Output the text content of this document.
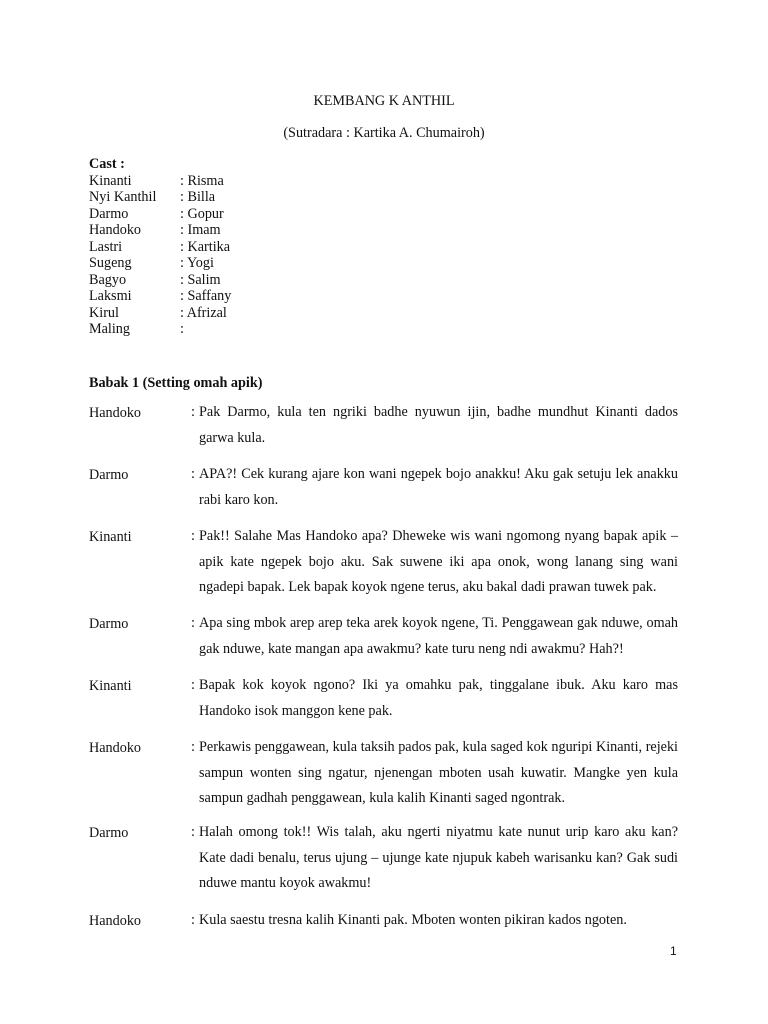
KEMBANG K ANTHIL
(Sutradara : Kartika A. Chumairoh)
Cast :
Kinanti	: Risma
Nyi Kanthil	: Billa
Darmo	: Gopur
Handoko	: Imam
Lastri	: Kartika
Sugeng	: Yogi
Bagyo	: Salim
Laksmi	: Saffany
Kirul	: Afrizal
Maling	:
Babak 1 (Setting omah apik)
Handoko	: Pak Darmo, kula ten ngriki badhe nyuwun ijin, badhe mundhut Kinanti dados garwa kula.
Darmo	: APA?! Cek kurang ajare kon wani ngepek bojo anakku! Aku gak setuju lek anakku rabi karo kon.
Kinanti	: Pak!! Salahe Mas Handoko apa? Dheweke wis wani ngomong nyang bapak apik – apik kate ngepek bojo aku. Sak suwene iki apa onok, wong lanang sing wani ngadepi bapak. Lek bapak koyok ngene terus, aku bakal dadi prawan tuwek pak.
Darmo	: Apa sing mbok arep arep teka arek koyok ngene, Ti. Penggawean gak nduwe, omah gak nduwe, kate mangan apa awakmu? kate turu neng ndi awakmu? Hah?!
Kinanti	: Bapak kok koyok ngono? Iki ya omahku pak, tinggalane ibuk. Aku karo mas Handoko isok manggon kene pak.
Handoko	: Perkawis penggawean, kula taksih pados pak, kula saged kok nguripi Kinanti, rejeki sampun wonten sing ngatur, njenengan mboten usah kuwatir. Mangke yen kula sampun gadhah penggawean, kula kalih Kinanti saged ngontrak.
Darmo	: Halah omong tok!! Wis talah, aku ngerti niyatmu kate nunut urip karo aku kan? Kate dadi benalu, terus ujung – ujunge kate njupuk kabeh warisanku kan? Gak sudi nduwe mantu koyok awakmu!
Handoko	: Kula saestu tresna kalih Kinanti pak. Mboten wonten pikiran kados ngoten.
1
